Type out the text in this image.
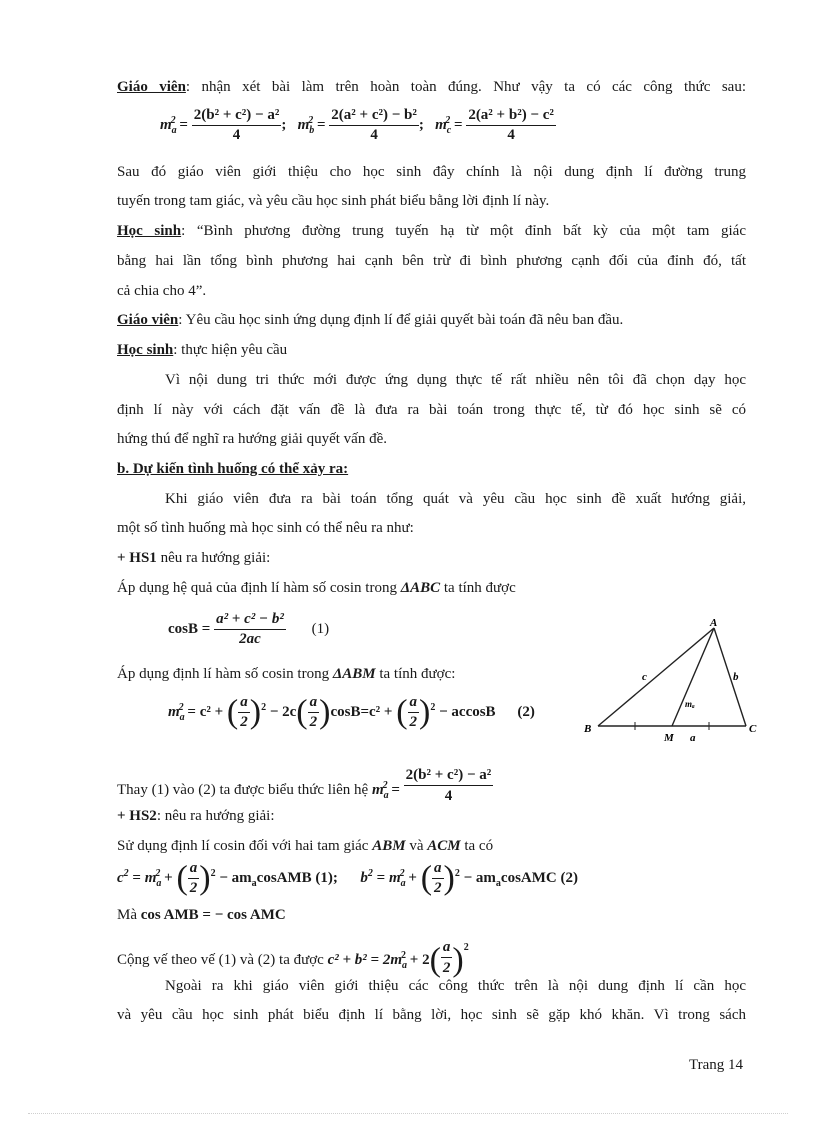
Giáo viên: nhận xét bài làm trên hoàn toàn đúng. Như vậy ta có các công thức sau:
$m_a^2 = \frac{\text{2(b² + c²) − a²}}{4}$ ;   $m_b^2 = \frac{\text{2(a² + c²) − b²}}{4}$ ;   $m_c^2 = \frac{\text{2(a² + b²) − c²}}{4}$
Sau đó giáo viên giới thiệu cho học sinh đây chính là nội dung định lí đường trung
tuyến trong tam giác, và yêu cầu học sinh phát biểu bằng lời định lí này.
Học sinh: “Bình phương đường trung tuyến hạ từ một đỉnh bất kỳ của một tam giác
bằng hai lần tổng bình phương hai cạnh bên trừ đi bình phương cạnh đối của đỉnh đó, tất
cả chia cho 4”.
Giáo viên: Yêu cầu học sinh ứng dụng định lí để giải quyết bài toán đã nêu ban đầu.
Học sinh: thực hiện yêu cầu
Vì nội dung tri thức mới được ứng dụng thực tế rất nhiều nên tôi đã chọn dạy học
định lí này với cách đặt vấn đề là đưa ra bài toán trong thực tế, từ đó học sinh sẽ có
hứng thú để nghĩ ra hướng giải quyết vấn đề.
b. Dự kiến tình huống có thể xảy ra:
Khi giáo viên đưa ra bài toán tổng quát và yêu cầu học sinh đề xuất hướng giải,
một số tình huống mà học sinh có thể nêu ra như:
+ HS1 nêu ra hướng giải:
Áp dụng hệ quả của định lí hàm số cosin trong ΔABC ta tính được
$\cos B = \frac{\text{a² + c² − b²}}{2ac} (1)$
Áp dụng định lí hàm số cosin trong ΔABM ta tính được:
$m_a^2 = c^2$ + ( $\frac{a}{2} )^2 - 2c( \frac{a}{2} )\cos B=c^2$ + ( $\frac{a}{2} )^2 - accosB$ (2)
Thay (1) vào (2) ta được biểu thức liên hệ $m_a^2 = \frac{\text{2(b² + c²) − a²}}{4}$
+ HS2: nêu ra hướng giải:
Sử dụng định lí cosin đối với hai tam giác ABM và ACM ta có
$c^2 = m_a^2$ + ( $\frac{a}{2} )^2$ − $am_acosAMB$ (1); $b^2 = m_a^2$ + ( $\frac{a}{2} )^2$ − $am_acosAMC$ (2)
Mà cos AMB = − cos AMC
Cộng vế theo vế (1) và (2) ta được $c^2 + b^2 = 2m_a^2 + 2( \frac{a}{2} )^2$
Ngoài ra khi giáo viên giới thiệu các công thức trên là nội dung định lí cần học
và yêu cầu học sinh phát biểu định lí bằng lời, học sinh sẽ gặp khó khăn. Vì trong sách
A
B	C
M
c	b
a
mₐ
Trang 14
